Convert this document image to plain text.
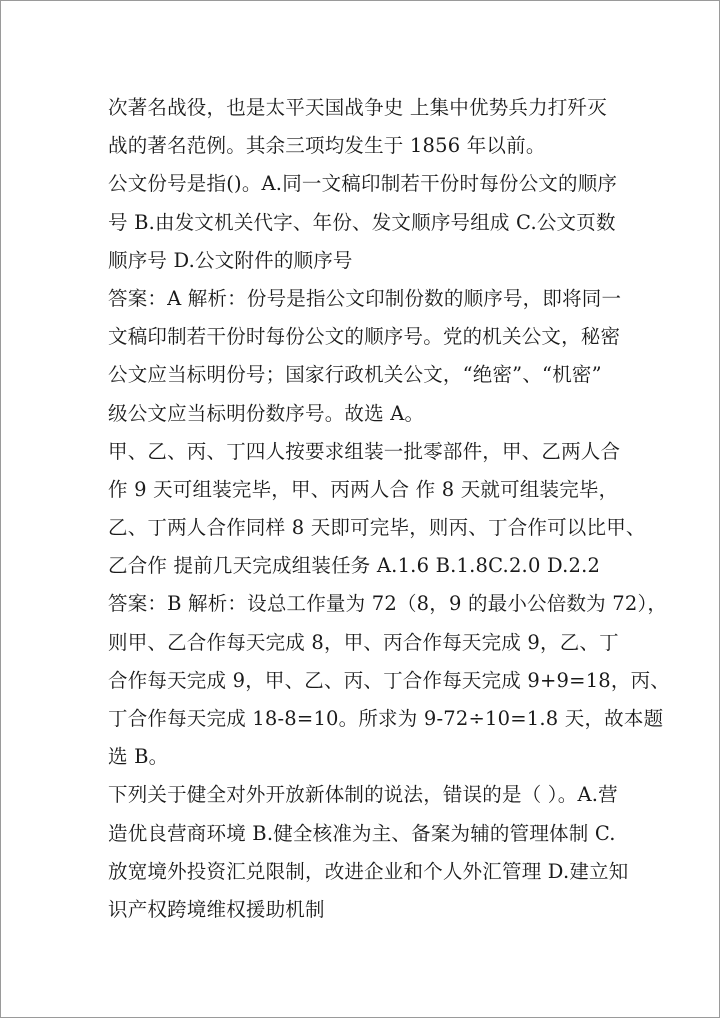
次著名战役，也是太平天国战争史 上集中优势兵力打歼灭
战的著名范例。其余三项均发生于 1856 年以前。
公文份号是指()。A.同一文稿印制若干份时每份公文的顺序
号 B.由发文机关代字、年份、发文顺序号组成 C.公文页数
顺序号 D.公文附件的顺序号
答案：A 解析：份号是指公文印制份数的顺序号，即将同一
文稿印制若干份时每份公文的顺序号。党的机关公文，秘密
公文应当标明份号；国家行政机关公文，“绝密”、“机密”
级公文应当标明份数序号。故选 A。
甲、乙、丙、丁四人按要求组装一批零部件，甲、乙两人合
作 9 天可组装完毕，甲、丙两人合 作 8 天就可组装完毕，
乙、丁两人合作同样 8 天即可完毕，则丙、丁合作可以比甲、
乙合作 提前几天完成组装任务 A.1.6 B.1.8C.2.0 D.2.2
答案：B 解析：设总工作量为 72（8，9 的最小公倍数为 72），
则甲、乙合作每天完成 8，甲、丙合作每天完成 9，乙、丁
合作每天完成 9，甲、乙、丙、丁合作每天完成 9+9=18，丙、
丁合作每天完成 18-8=10。所求为 9-72÷10=1.8 天，故本题
选 B。
下列关于健全对外开放新体制的说法，错误的是（ ）。A.营
造优良营商环境 B.健全核准为主、备案为辅的管理体制 C.
放宽境外投资汇兑限制，改进企业和个人外汇管理 D.建立知
识产权跨境维权援助机制
